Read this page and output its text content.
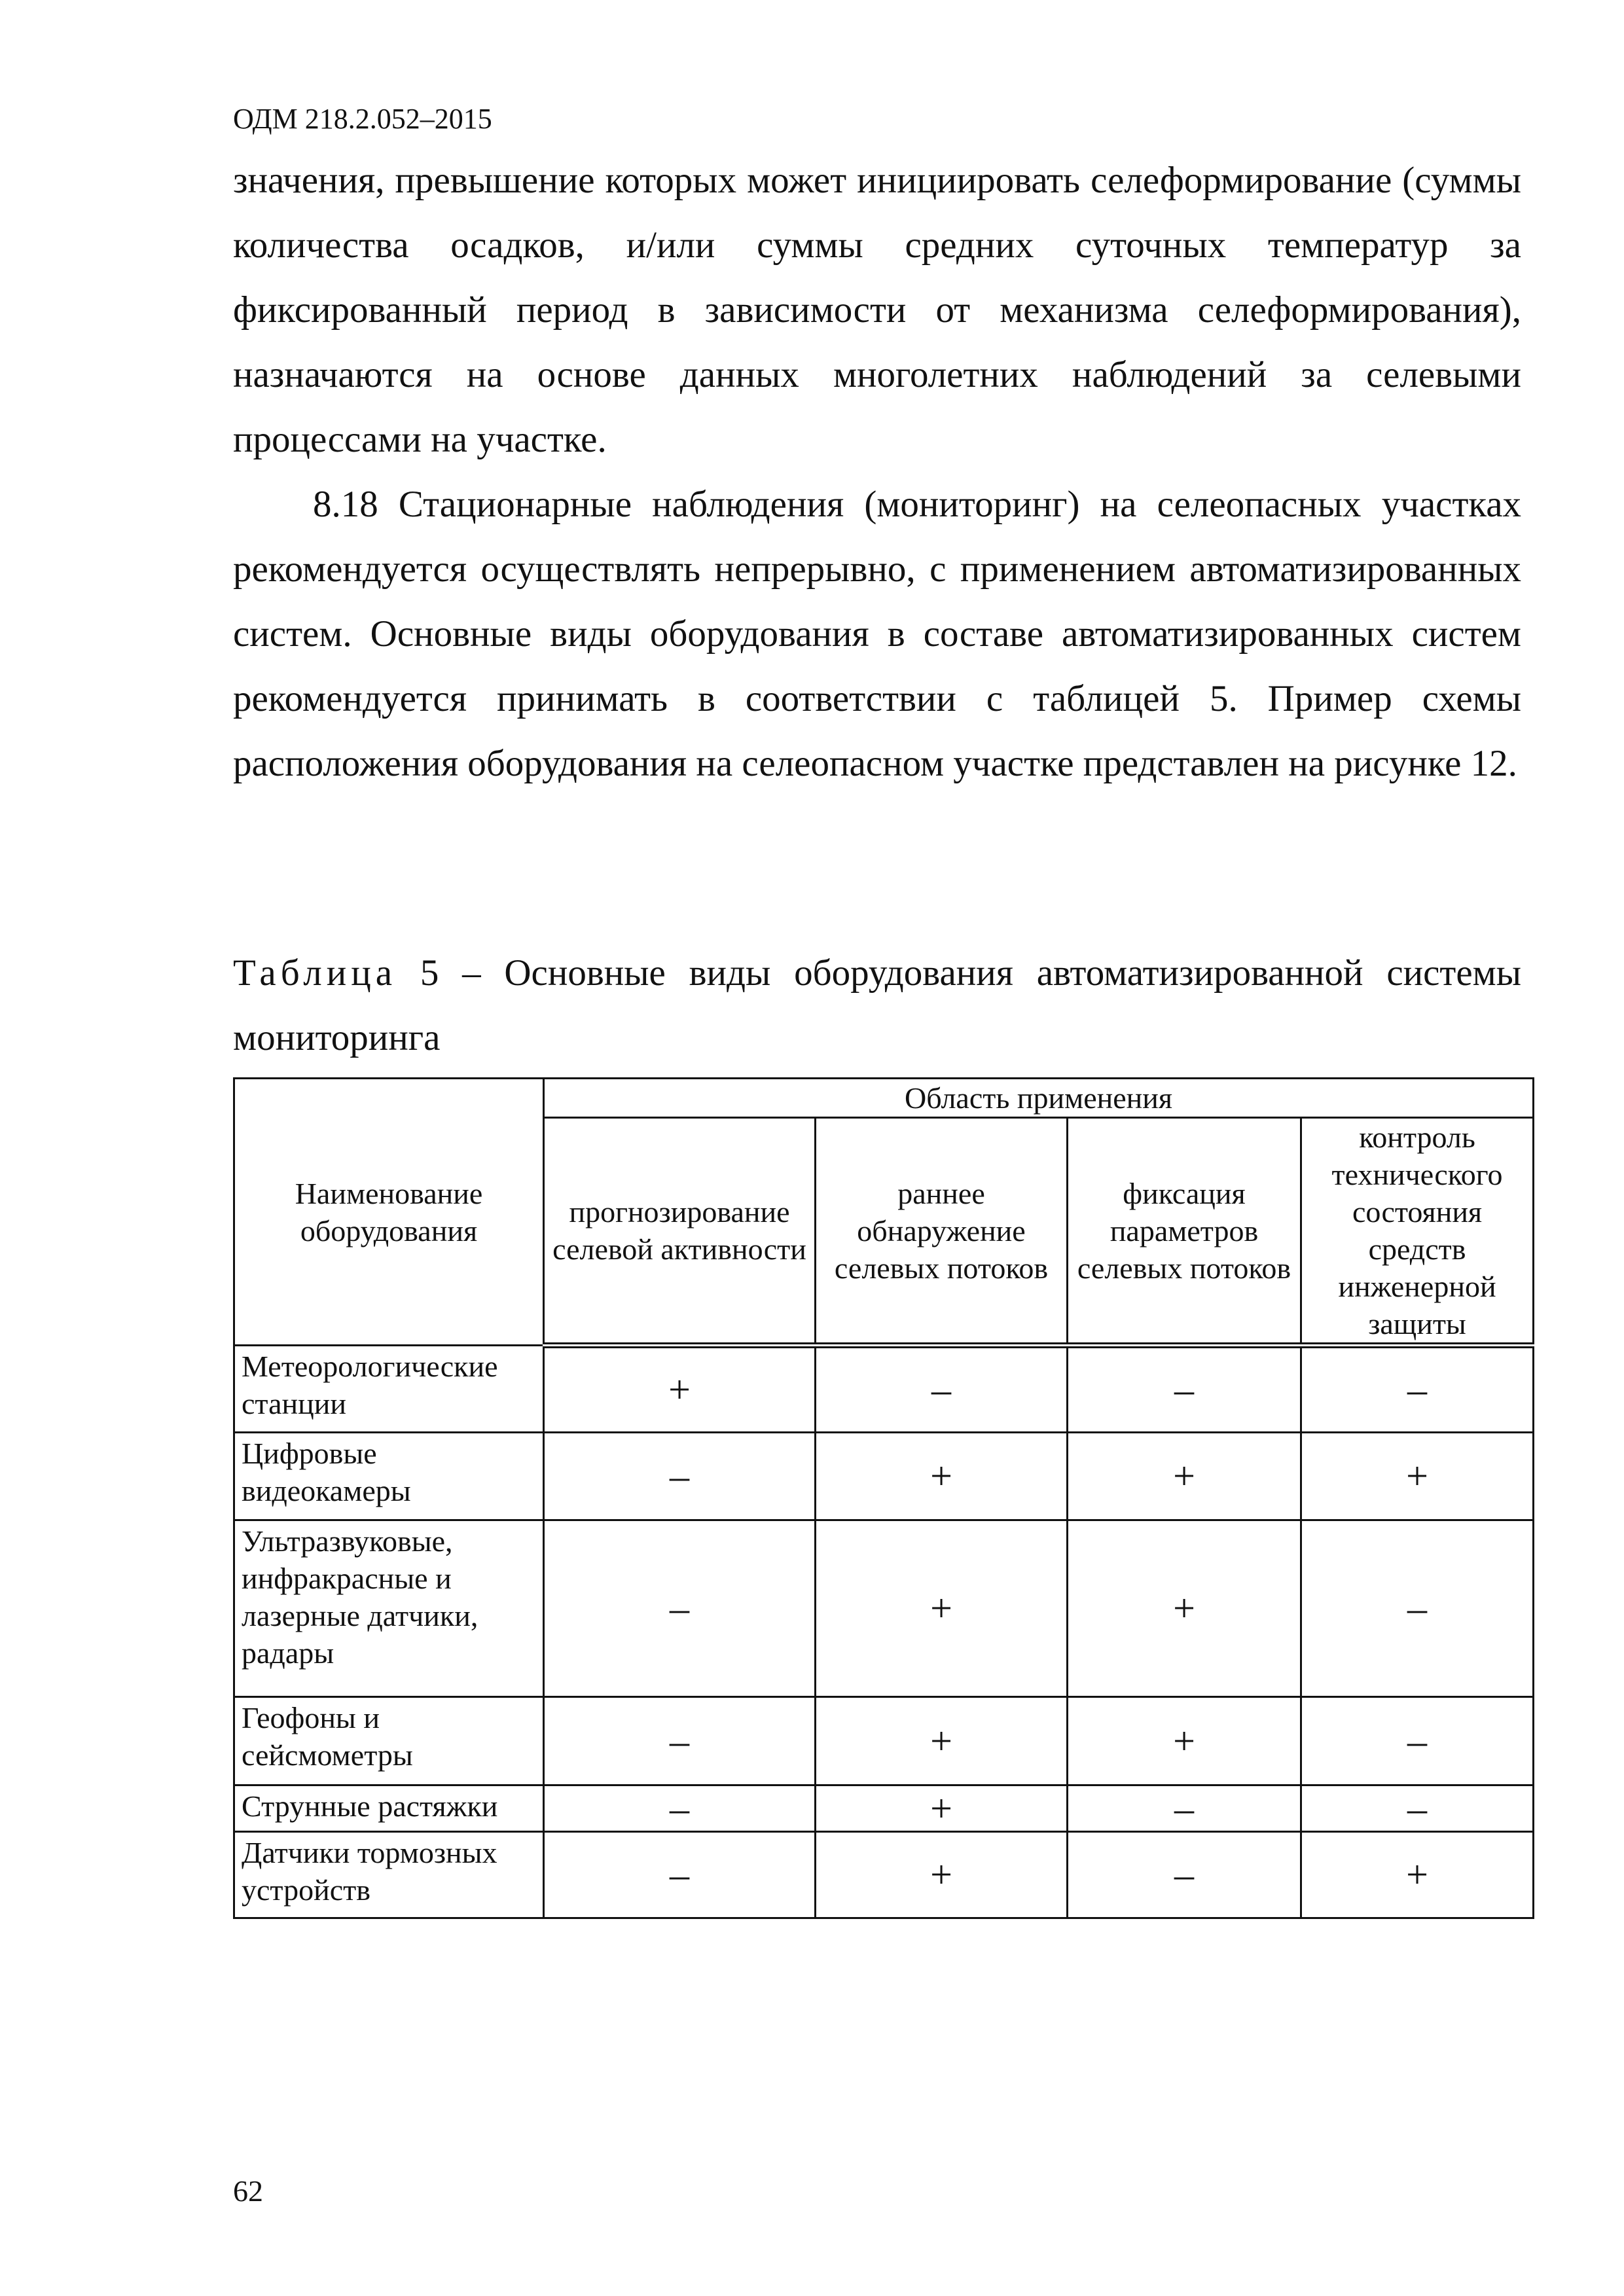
ОДМ 218.2.052–2015
значения, превышение которых может инициировать селеформирование (суммы количества осадков, и/или суммы средних суточных температур за фиксированный период в зависимости от механизма селеформирования), назначаются на основе данных многолетних наблюдений за селевыми процессами на участке.
8.18 Стационарные наблюдения (мониторинг) на селеопасных участках рекомендуется осуществлять непрерывно, с применением автоматизированных систем. Основные виды оборудования в составе автоматизированных систем рекомендуется принимать в соответствии с таблицей 5. Пример схемы расположения оборудования на селеопасном участке представлен на рисунке 12.
Таблица 5 – Основные виды оборудования автоматизированной системы мониторинга
Наименование оборудования	Область применения			
	прогнозирование селевой активности	раннее обнаружение селевых потоков	фиксация параметров селевых потоков	контроль технического состояния средств инженерной защиты
Метеорологические станции	+	–	–	–
Цифровые видеокамеры	–	+	+	+
Ультразвуковые, инфракрасные и лазерные датчики, радары	–	+	+	–
Геофоны и сейсмометры	–	+	+	–
Струнные растяжки	–	+	–	–
Датчики тормозных устройств	–	+	–	+
62
